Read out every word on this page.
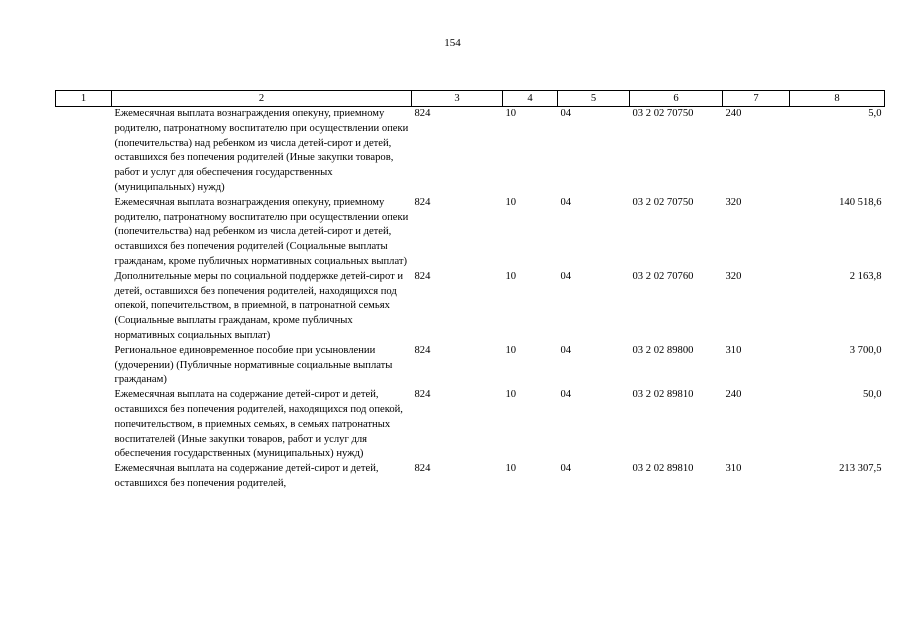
154
1	2	3	4	5	6	7	8
	Ежемесячная выплата вознаграждения опекуну, приемному родителю, патронатному воспитателю при осуществлении опеки (попечительства) над ребенком из числа детей-сирот и детей, оставшихся без попечения родителей (Иные закупки товаров, работ и услуг для обеспечения государственных (муниципальных) нужд)	824	10	04	03 2 02 70750	240	5,0
	Ежемесячная выплата вознаграждения опекуну, приемному родителю, патронатному воспитателю при осуществлении опеки (попечительства) над ребенком из числа детей-сирот и детей, оставшихся без попечения родителей (Социальные выплаты гражданам, кроме публичных нормативных социальных выплат)	824	10	04	03 2 02 70750	320	140 518,6
	Дополнительные меры по социальной поддержке детей-сирот и детей, оставшихся без попечения родителей, находящихся под опекой, попечительством, в приемной, в патронатной семьях (Социальные выплаты гражданам, кроме публичных нормативных социальных выплат)	824	10	04	03 2 02 70760	320	2 163,8
	Региональное единовременное пособие при усыновлении (удочерении) (Публичные нормативные социальные выплаты гражданам)	824	10	04	03 2 02 89800	310	3 700,0
	Ежемесячная выплата на содержание детей-сирот и детей, оставшихся без попечения родителей, находящихся под опекой, попечительством, в приемных семьях, в семьях патронатных воспитателей (Иные закупки товаров, работ и услуг для обеспечения государственных (муниципальных) нужд)	824	10	04	03 2 02 89810	240	50,0
	Ежемесячная выплата на содержание детей-сирот и детей, оставшихся без попечения родителей,	824	10	04	03 2 02 89810	310	213 307,5
